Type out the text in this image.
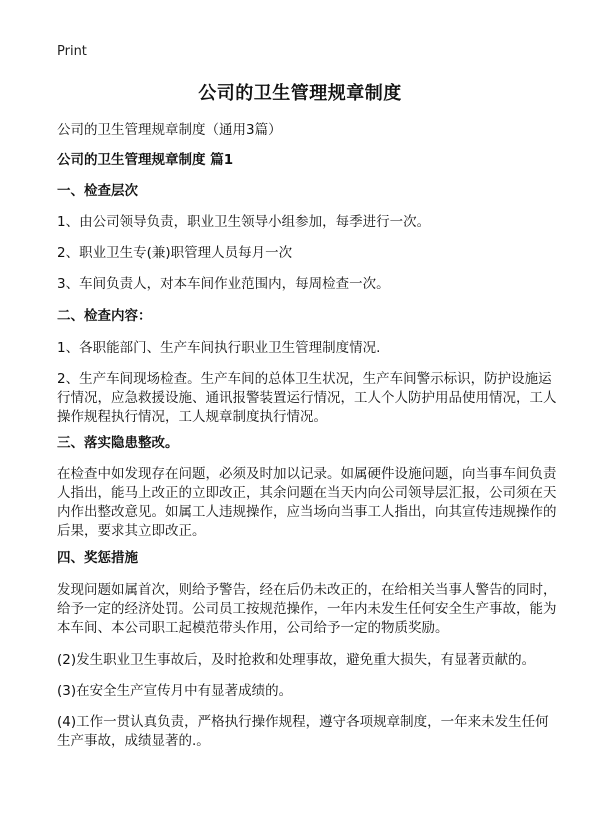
Print
公司的卫生管理规章制度
公司的卫生管理规章制度（通用3篇）
公司的卫生管理规章制度 篇1
一、检查层次
1、由公司领导负责，职业卫生领导小组参加，每季进行一次。
2、职业卫生专(兼)职管理人员每月一次
3、车间负责人，对本车间作业范围内，每周检查一次。
二、检查内容：
1、各职能部门、生产车间执行职业卫生管理制度情况.
2、生产车间现场检查。生产车间的总体卫生状况，生产车间警示标识，防护设施运行情况，应急救援设施、通讯报警装置运行情况，工人个人防护用品使用情况，工人操作规程执行情况，工人规章制度执行情况。
三、落实隐患整改。
在检查中如发现存在问题，必须及时加以记录。如属硬件设施问题，向当事车间负责人指出，能马上改正的立即改正，其余问题在当天内向公司领导层汇报，公司须在天内作出整改意见。如属工人违规操作，应当场向当事工人指出，向其宣传违规操作的后果，要求其立即改正。
四、奖惩措施
发现问题如属首次，则给予警告，经在后仍未改正的，在给相关当事人警告的同时，给予一定的经济处罚。公司员工按规范操作，一年内未发生任何安全生产事故，能为本车间、本公司职工起模范带头作用，公司给予一定的物质奖励。
(2)发生职业卫生事故后，及时抢救和处理事故，避免重大损失，有显著贡献的。
(3)在安全生产宣传月中有显著成绩的。
(4)工作一贯认真负责，严格执行操作规程，遵守各项规章制度，一年来未发生任何生产事故，成绩显著的.。
